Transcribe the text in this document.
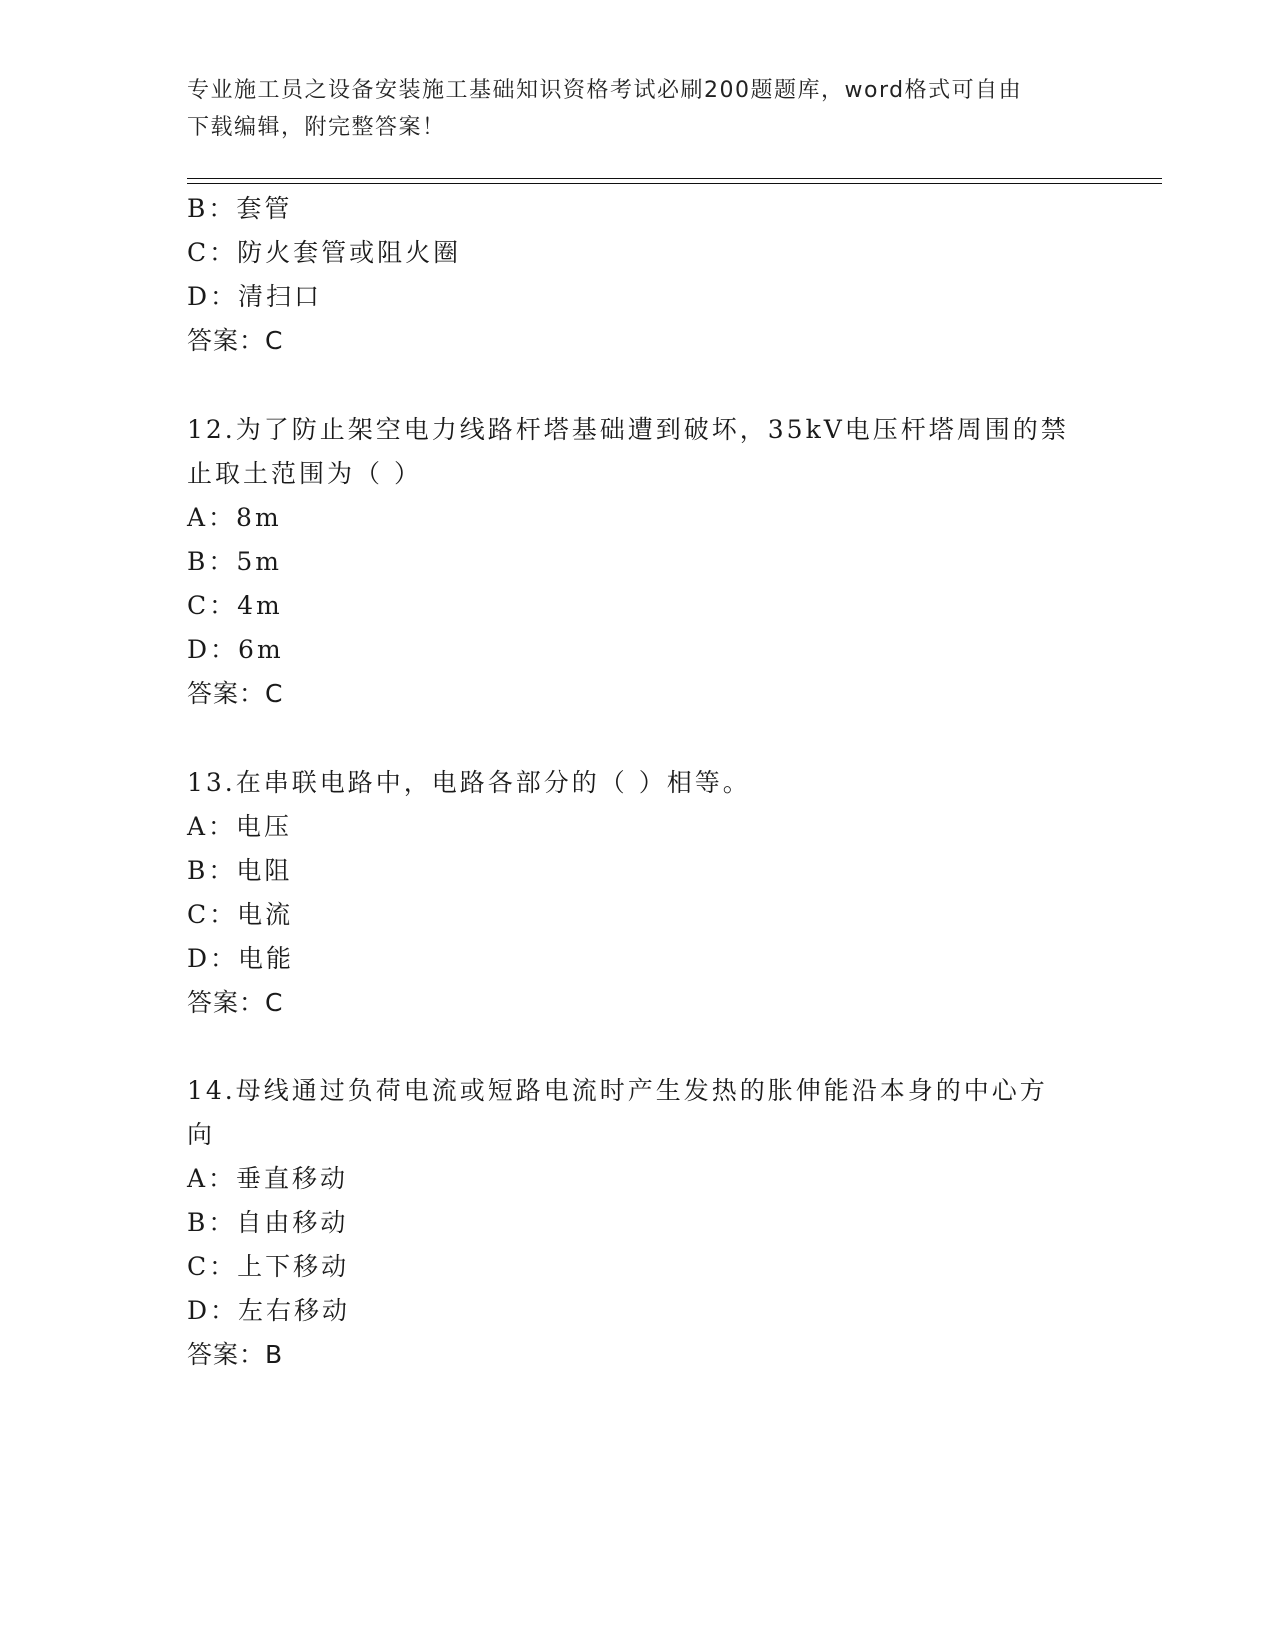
专业施工员之设备安装施工基础知识资格考试必刷200题题库，word格式可自由
下载编辑，附完整答案！
B：套管
C：防火套管或阻火圈
D：清扫口
答案：C
12.为了防止架空电力线路杆塔基础遭到破坏，35kV电压杆塔周围的禁
止取土范围为（ ）
A：8m
B：5m
C：4m
D：6m
答案：C
13.在串联电路中，电路各部分的（ ）相等。
A：电压
B：电阻
C：电流
D：电能
答案：C
14.母线通过负荷电流或短路电流时产生发热的胀伸能沿本身的中心方
向
A：垂直移动
B：自由移动
C：上下移动
D：左右移动
答案：B
